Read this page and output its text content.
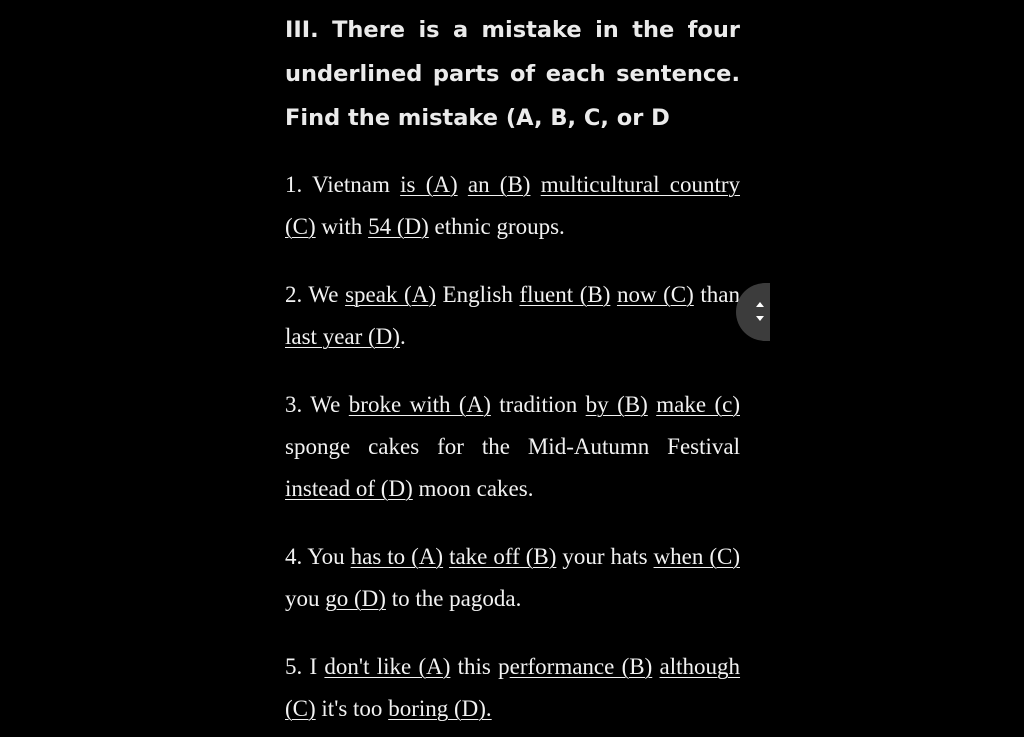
III. There is a mistake in the four underlined parts of each sentence. Find the mistake (A, B, C, or D

1. Vietnam is (A) an (B) multicultural country (C) with 54 (D) ethnic groups.

2. We speak (A) English fluent (B) now (C) than last year (D).

3. We broke with (A) tradition by (B) make (c) sponge cakes for the Mid-Autumn Festival instead of (D) moon cakes.

4. You has to (A) take off (B) your hats when (C) you go (D) to the pagoda.

5. I don't like (A) this performance (B) although (C) it's too boring (D).
